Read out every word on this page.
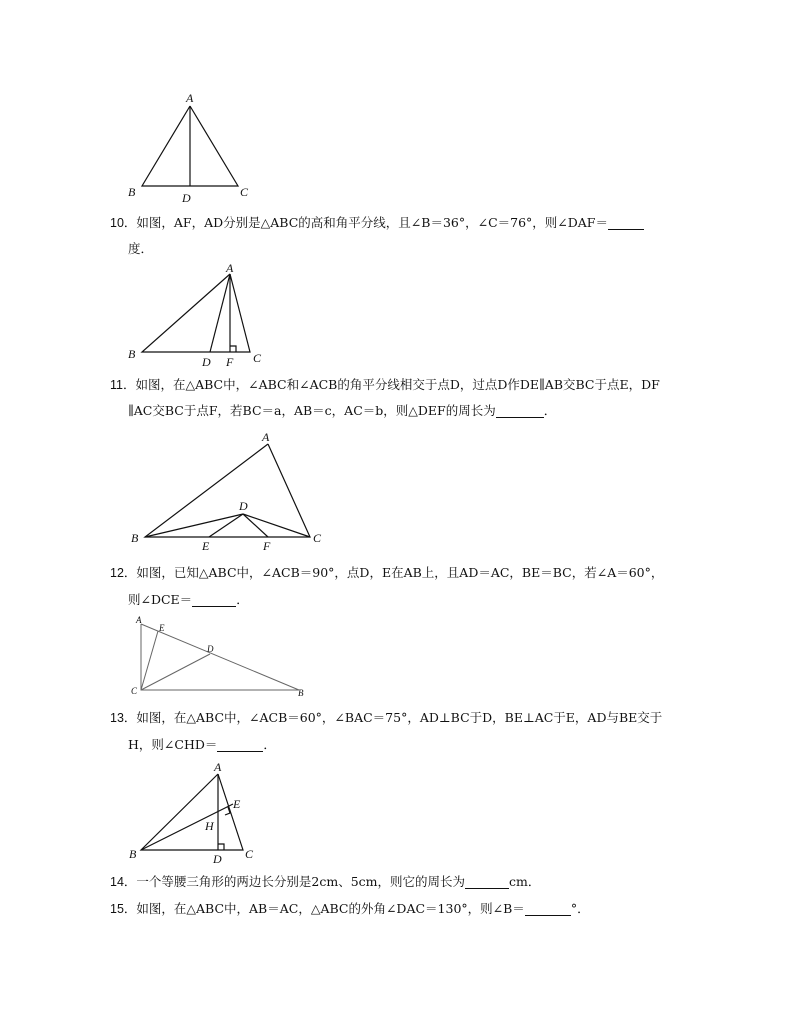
A
B	C
D
10．如图，AF，AD分别是△ABC的高和角平分线，且∠B＝36°，∠C＝76°，则∠DAF＝
度．
A
B	C
D F
11．如图，在△ABC中，∠ABC和∠ACB的角平分线相交于点D，过点D作DE∥AB交BC于点E，DF
∥AC交BC于点F，若BC＝a，AB＝c，AC＝b，则△DEF的周长为	．
A
B	C
D
E	F
12．如图，已知△ABC中，∠ACB＝90°，点D，E在AB上，且AD＝AC，BE＝BC，若∠A＝60°，
则∠DCE＝	．
A
E
D
C	B
13．如图，在△ABC中，∠ACB＝60°，∠BAC＝75°，AD⊥BC于D，BE⊥AC于E，AD与BE交于
H，则∠CHD＝	．
A
E
H
B	D C
14．一个等腰三角形的两边长分别是2cm、5cm，则它的周长为	cm．
15．如图，在△ABC中，AB＝AC，△ABC的外角∠DAC＝130°，则∠B＝	°．
